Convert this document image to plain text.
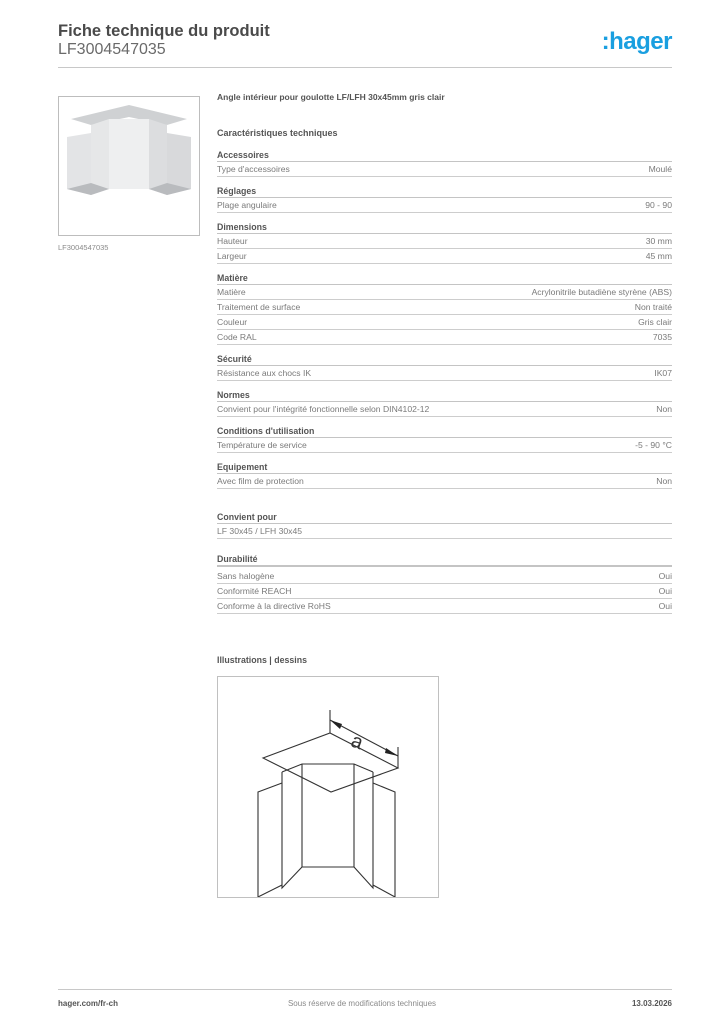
Fiche technique du produit
LF3004547035	:hager
LF3004547035
Angle intérieur pour goulotte LF/LFH 30x45mm gris clair
Caractéristiques techniques
Accessoires
Type d'accessoires	Moulé
Réglages
Plage angulaire	90 - 90
Dimensions
Hauteur	30 mm
Largeur	45 mm
Matière
Matière	Acrylonitrile butadiène styrène (ABS)
Traitement de surface	Non traité
Couleur	Gris clair
Code RAL	7035
Sécurité
Résistance aux chocs IK	IK07
Normes
Convient pour l'intégrité fonctionnelle selon DIN4102-12	Non
Conditions d'utilisation
Température de service	-5 - 90 °C
Equipement
Avec film de protection	Non
Convient pour
LF 30x45 / LFH 30x45
Durabilité
Sans halogène	Oui
Conformité REACH	Oui
Conforme à la directive RoHS	Oui
Illustrations | dessins
a
hager.com/fr-ch	Sous réserve de modifications techniques	13.03.2026
